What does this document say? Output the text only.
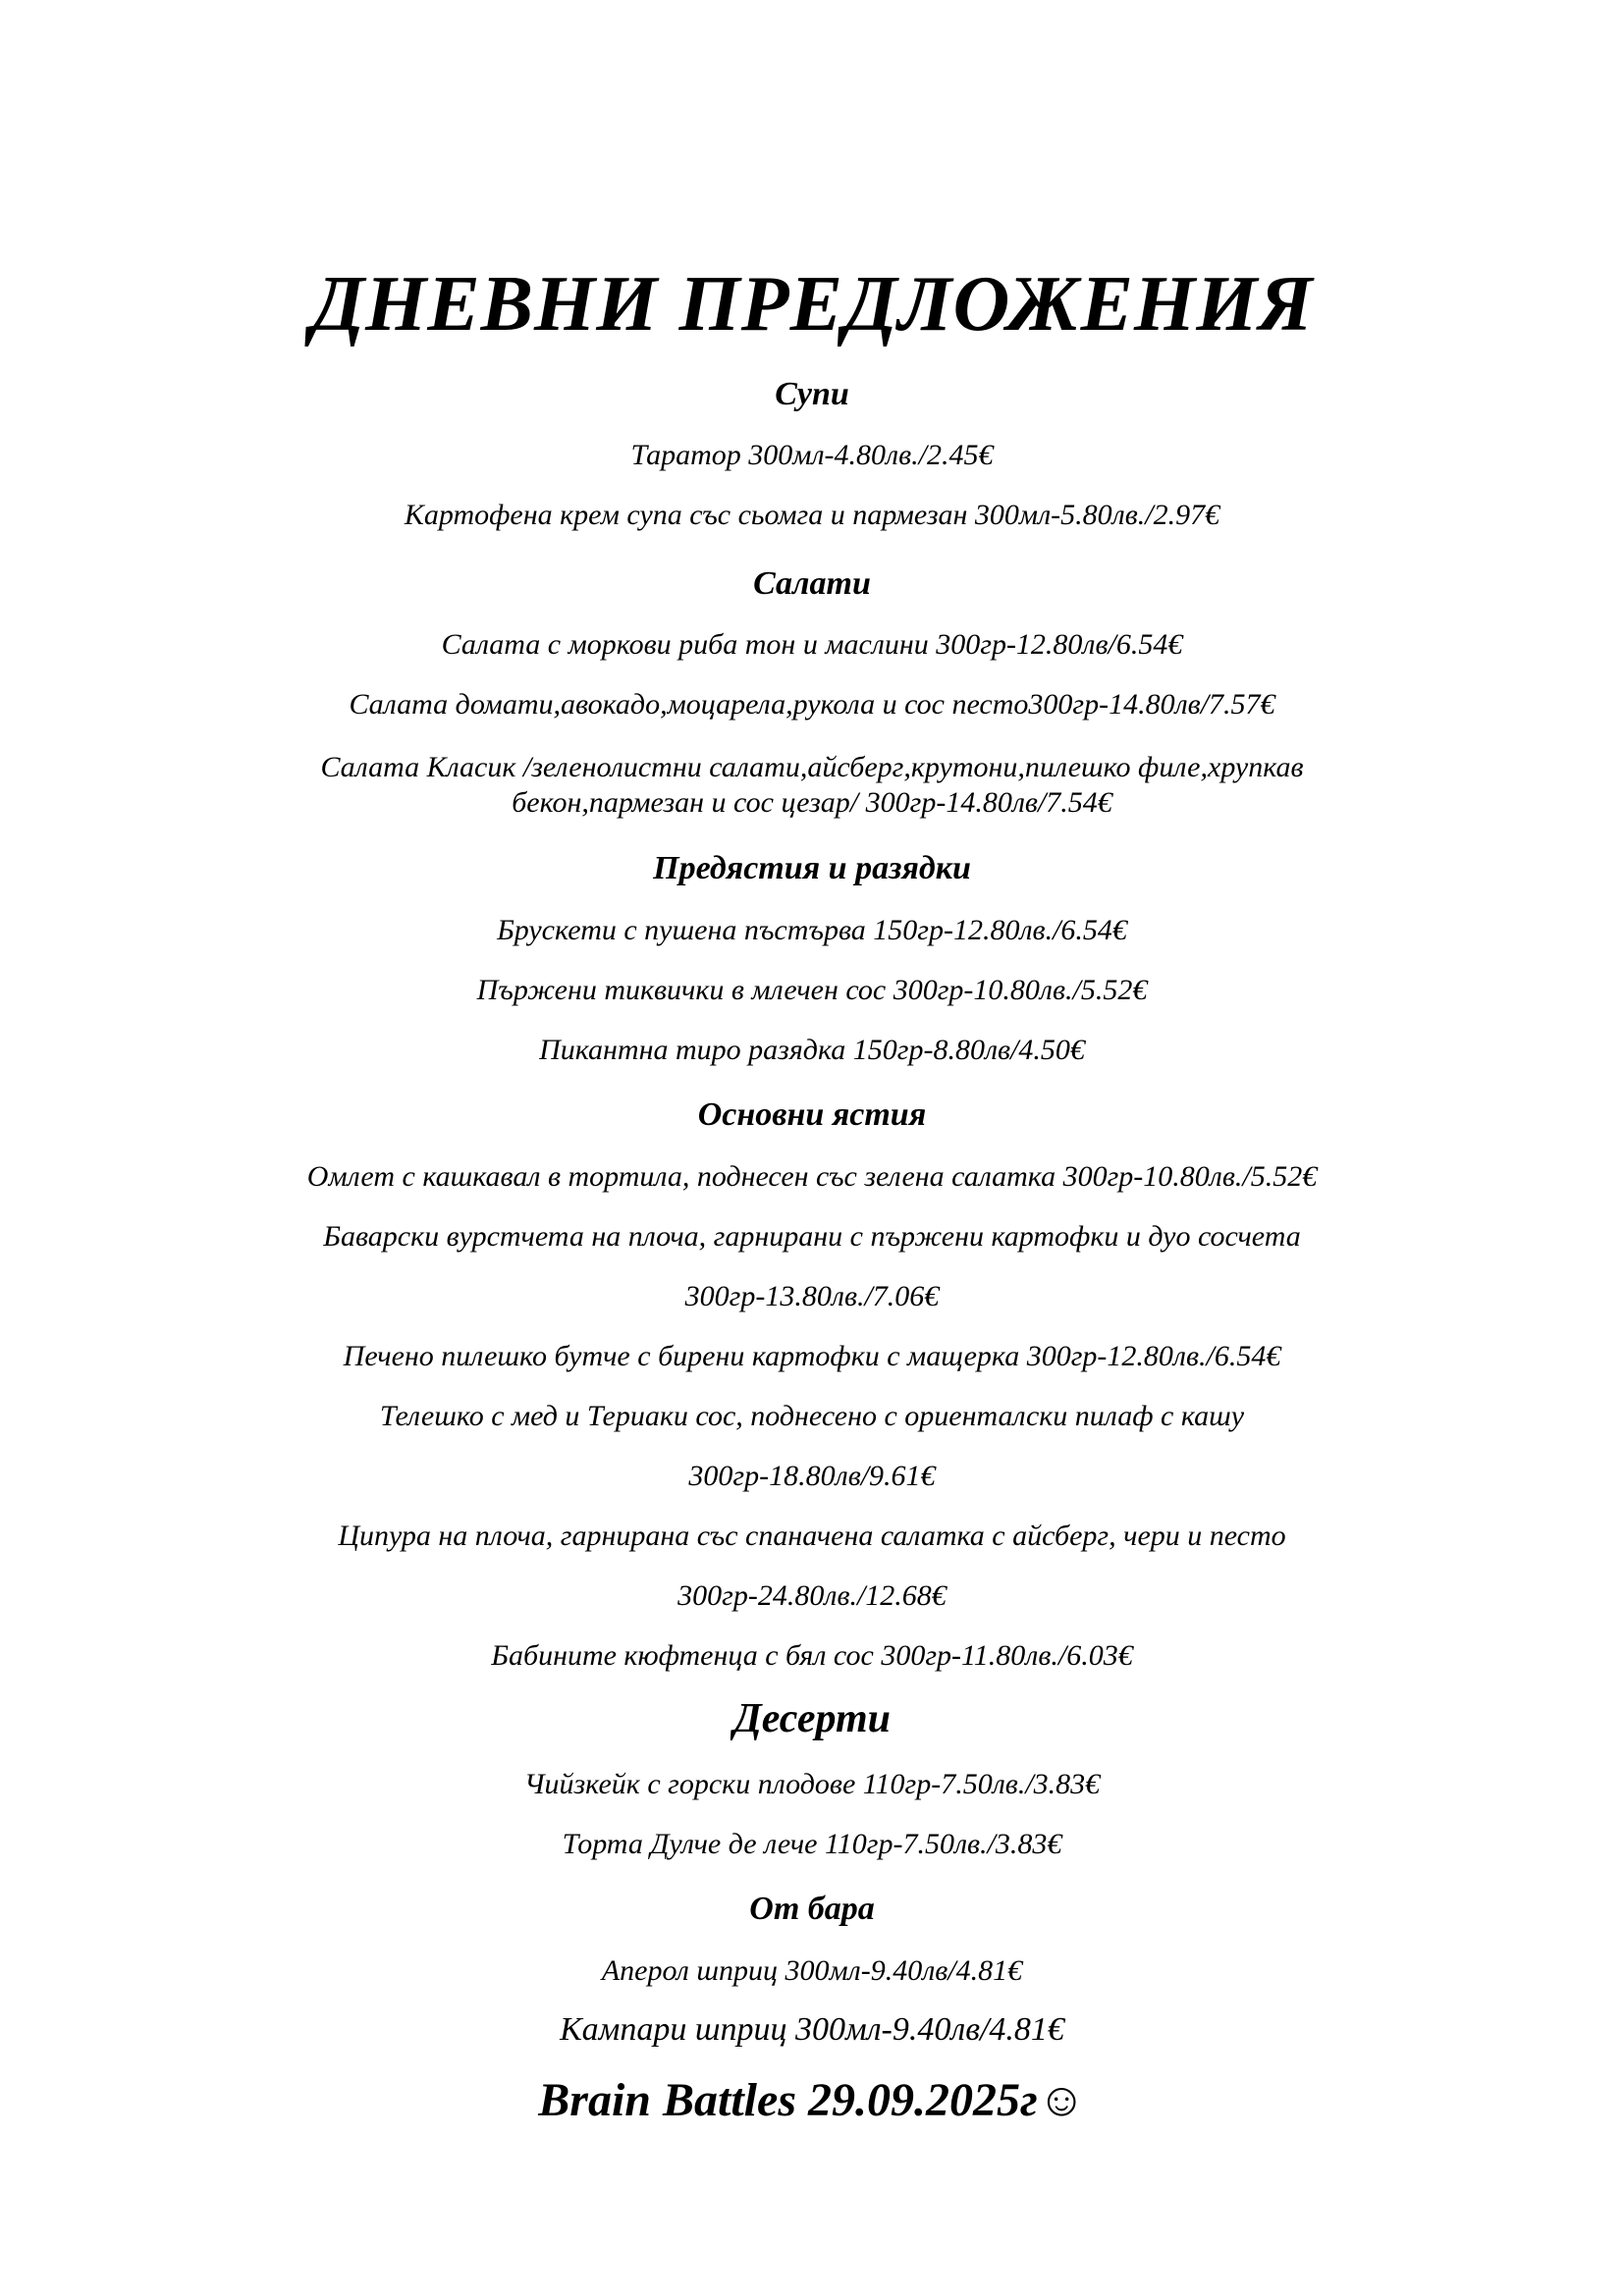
ДНЕВНИ ПРЕДЛОЖЕНИЯ
Супи
Таратор 300мл-4.80лв./2.45€
Картофена крем супа със сьомга и пармезан 300мл-5.80лв./2.97€
Салати
Салата с моркови риба тон и маслини 300гр-12.80лв/6.54€
Салата домати,авокадо,моцарела,рукола и сос песто300гр-14.80лв/7.57€
Салата Класик /зеленолистни салати,айсберг,крутони,пилешко филе,хрупкав
бекон,пармезан и сос цезар/ 300гр-14.80лв/7.54€
Предястия и разядки
Брускети с пушена пъстърва 150гр-12.80лв./6.54€
Пържени тиквички в млечен сос 300гр-10.80лв./5.52€
Пикантна тиро разядка 150гр-8.80лв/4.50€
Основни ястия
Омлет с кашкавал в тортила, поднесен със зелена салатка 300гр-10.80лв./5.52€
Баварски вурстчета на плоча, гарнирани с пържени картофки и дуо сосчета
300гр-13.80лв./7.06€
Печено пилешко бутче с бирени картофки с мащерка 300гр-12.80лв./6.54€
Телешко с мед и Териаки сос, поднесено с ориенталски пилаф с кашу
300гр-18.80лв/9.61€
Ципура на плоча, гарнирана със спаначена салатка с айсберг, чери и песто
300гр-24.80лв./12.68€
Бабините кюфтенца с бял сос 300гр-11.80лв./6.03€
Десерти
Чийзкейк с горски плодове 110гр-7.50лв./3.83€
Торта Дулче де лече 110гр-7.50лв./3.83€
От бара
Аперол шприц 300мл-9.40лв/4.81€
Кампари шприц 300мл-9.40лв/4.81€
Brain Battles 29.09.2025г☺
